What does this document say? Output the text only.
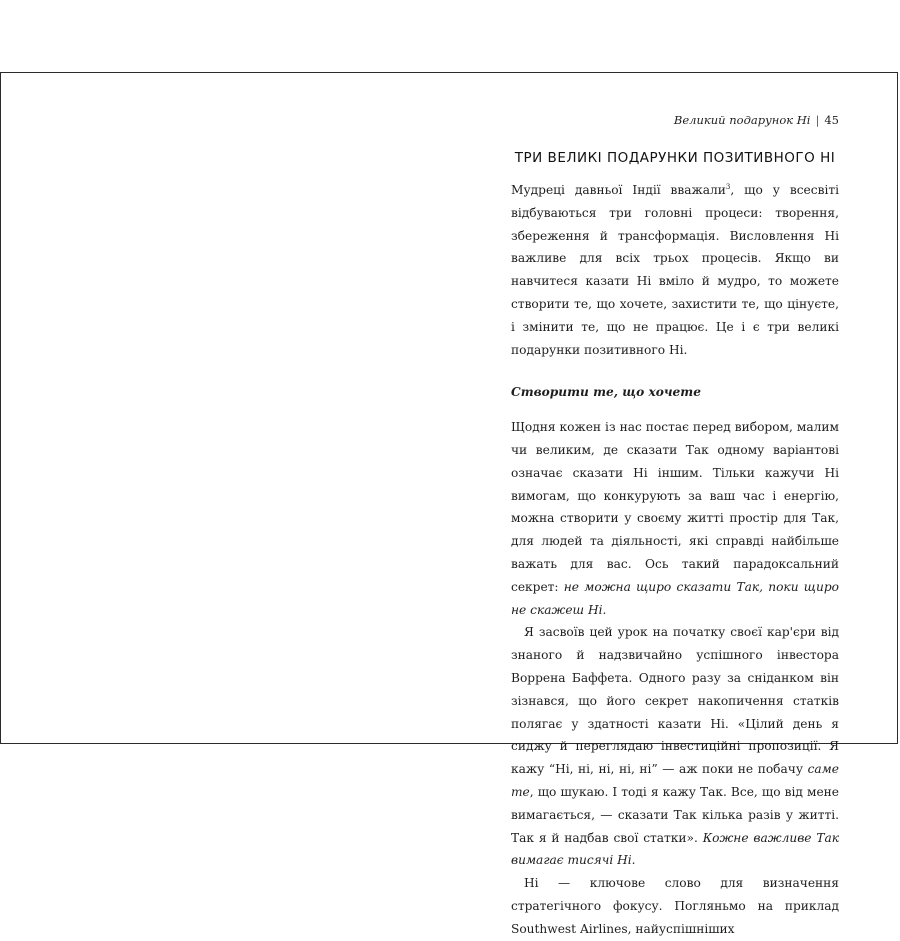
Великий подарунок Ні | 45
ТРИ ВЕЛИКІ ПОДАРУНКИ ПОЗИТИВНОГО НІ

Мудреці давньої Індії вважали$^3$, що у всесвіті відбуваються три головні процеси: творення, збереження й трансформація. Висловлення Ні важливе для всіх трьох процесів. Якщо ви навчитеся казати Ні вміло й мудро, то можете створити те, що хочете, захистити те, що цінуєте, і змінити те, що не працює. Це і є три великі подарунки позитивного Ні.

Створити те, що хочете

Щодня кожен із нас постає перед вибором, малим чи великим, де сказати Так одному варіантові означає сказати Ні іншим. Тільки кажучи Ні вимогам, що конкурують за ваш час і енергію, можна створити у своєму житті простір для Так, для людей та діяльності, які справді найбільше важать для вас. Ось такий парадоксальний секрет: не можна щиро сказати Так, поки щиро не скажеш Ні.

Я засвоїв цей урок на початку своєї кар'єри від знаного й надзвичайно успішного інвестора Воррена Баффета. Одного разу за сніданком він зізнався, що його секрет накопичення статків полягає у здатності казати Ні. «Цілий день я сиджу й переглядаю інвестиційні пропозиції. Я кажу “Ні, ні, ні, ні, ні” — аж поки не побачу саме те, що шукаю. І тоді я кажу Так. Все, що від мене вимагається, — сказати Так кілька разів у житті. Так я й надбав свої статки». Кожне важливе Так вимагає тисячі Ні.

Ні — ключове слово для визначення стратегічного фокусу. Погляньмо на приклад Southwest Airlines, найуспішніших
